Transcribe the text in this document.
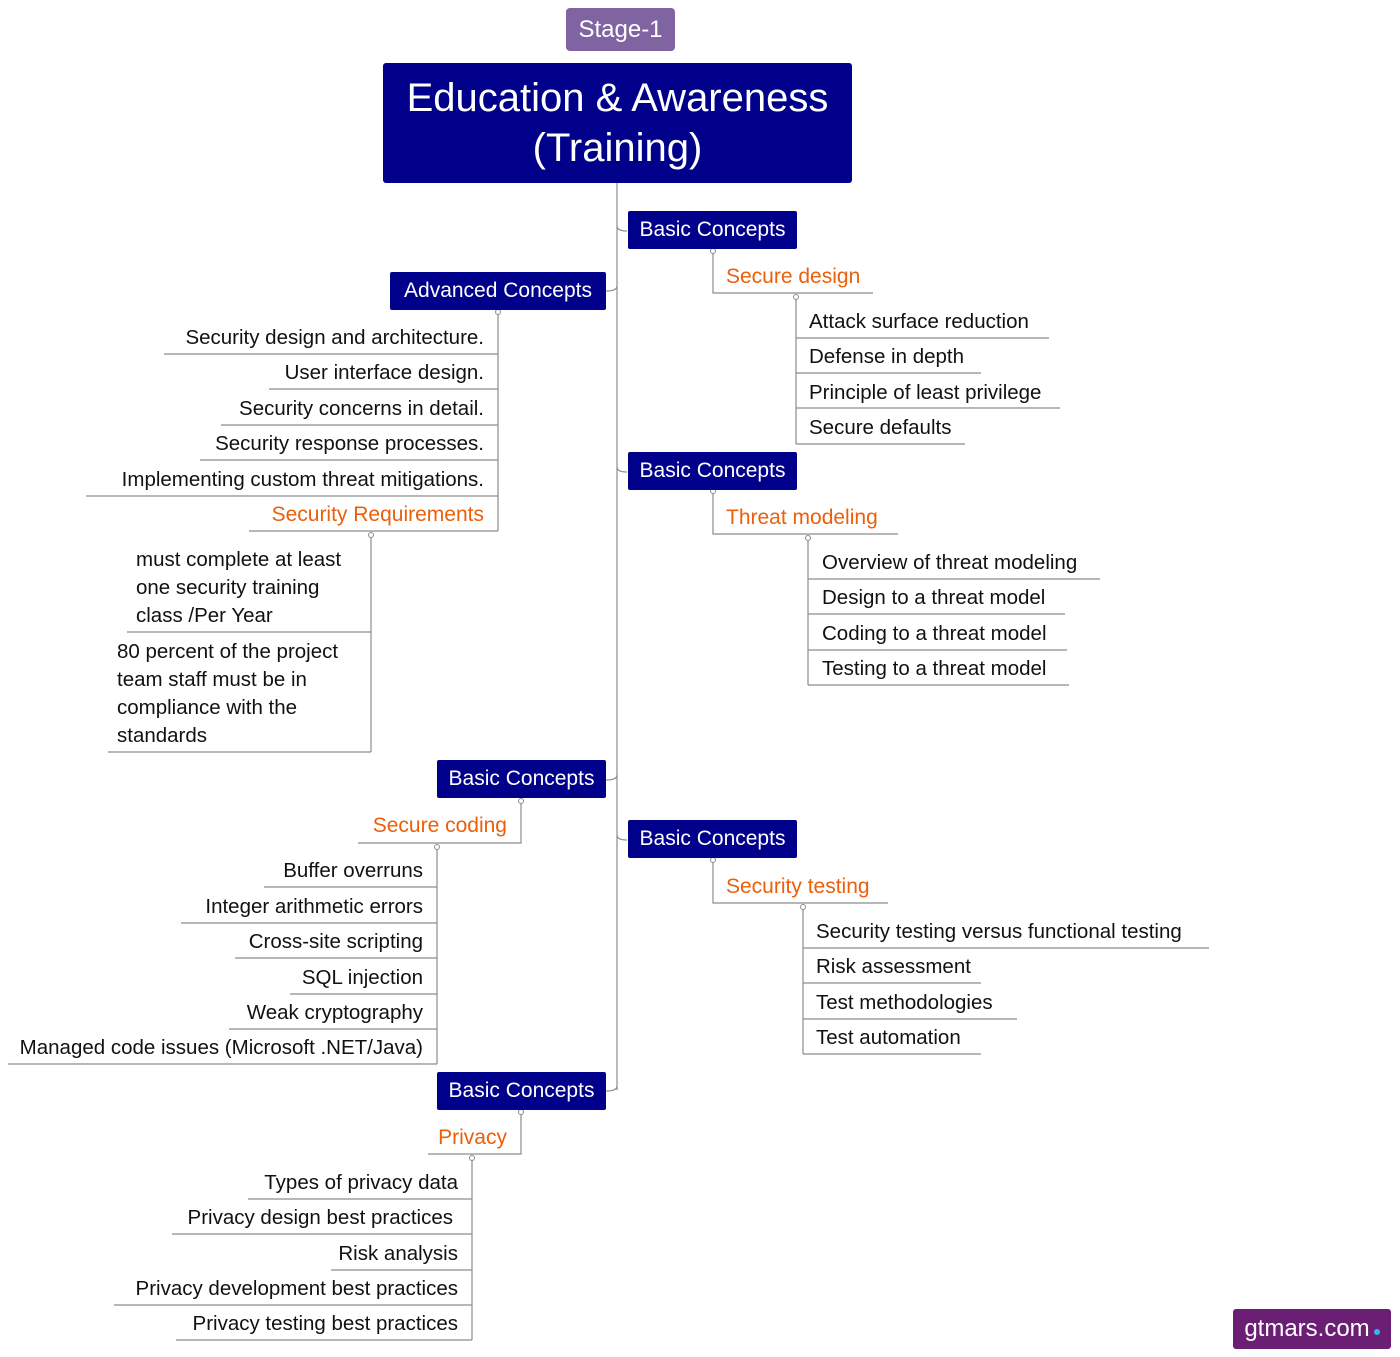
Stage-1
Education & Awareness
(Training)
Basic Concepts
Secure design
Attack surface reduction
Defense in depth
Principle of least privilege
Secure defaults
Advanced Concepts
Security design and architecture.
User interface design.
Security concerns in detail.
Security response processes.
Implementing custom threat mitigations.
Security Requirements
must complete at least one security training class /Per Year
80 percent of the project team staff must be in compliance with the standards
Basic Concepts
Threat modeling
Overview of threat modeling
Design to a threat model
Coding to a threat model
Testing to a threat model
Basic Concepts
Secure coding
Buffer overruns
Integer arithmetic errors
Cross-site scripting
SQL injection
Weak cryptography
Managed code issues (Microsoft .NET/Java)
Basic Concepts
Security testing
Security testing versus functional testing
Risk assessment
Test methodologies
Test automation
Basic Concepts
Privacy
Types of privacy data
Privacy design best practices
Risk analysis
Privacy development best practices
Privacy testing best practices	gtmars.com
